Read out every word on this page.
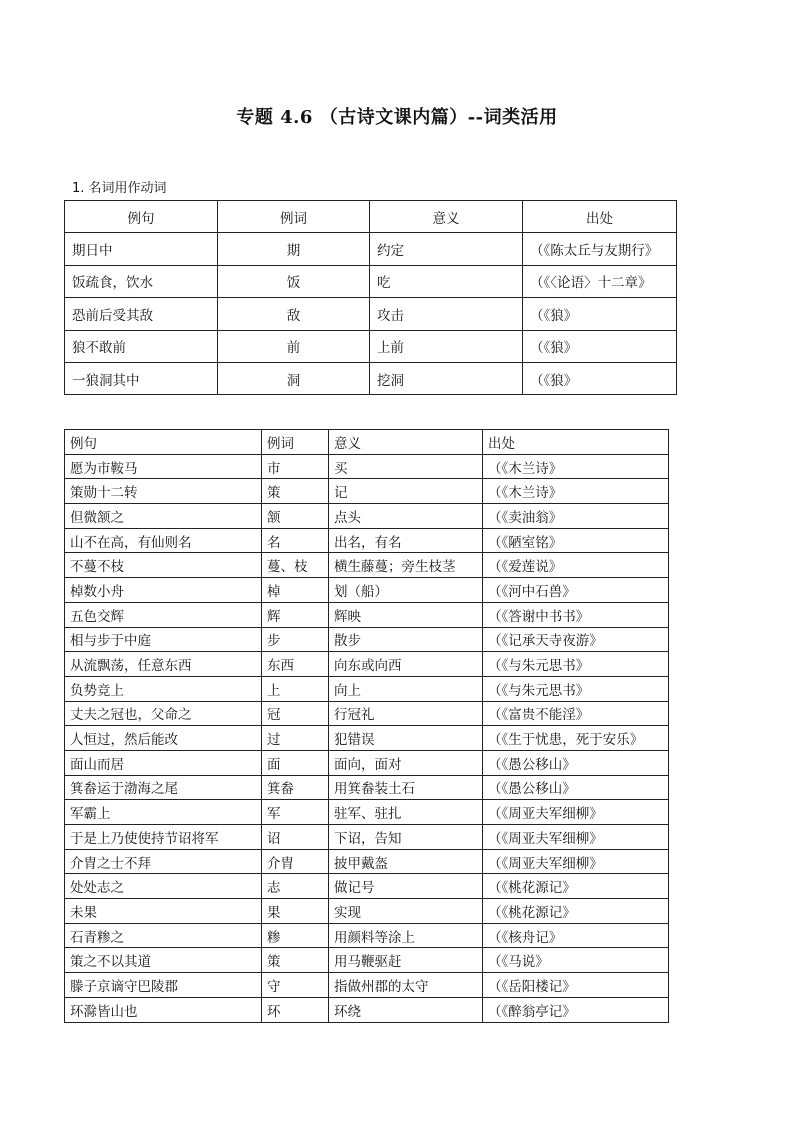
专题 4.6 （古诗文课内篇）--词类活用
1. 名词用作动词
例句	例词	意义	出处
期日中	期	约定	（《陈太丘与友期行》
饭疏食，饮水	饭	吃	（《〈论语〉十二章》
恐前后受其敌	敌	攻击	（《狼》
狼不敢前	前	上前	（《狼》
一狼洞其中	洞	挖洞	（《狼》
例句	例词	意义	出处
愿为市鞍马	市	买	（《木兰诗》
策勋十二转	策	记	（《木兰诗》
但微颔之	颔	点头	（《卖油翁》
山不在高，有仙则名	名	出名，有名	（《陋室铭》
不蔓不枝	蔓、枝	横生藤蔓；旁生枝茎	（《爱莲说》
棹数小舟	棹	划（船）	（《河中石兽》
五色交辉	辉	辉映	（《答谢中书书》
相与步于中庭	步	散步	（《记承天寺夜游》
从流飘荡，任意东西	东西	向东或向西	（《与朱元思书》
负势竞上	上	向上	（《与朱元思书》
丈夫之冠也，父命之	冠	行冠礼	（《富贵不能淫》
人恒过，然后能改	过	犯错误	（《生于忧患，死于安乐》
面山而居	面	面向，面对	（《愚公移山》
箕畚运于渤海之尾	箕畚	用箕畚装土石	（《愚公移山》
军霸上	军	驻军、驻扎	（《周亚夫军细柳》
于是上乃使使持节诏将军	诏	下诏，告知	（《周亚夫军细柳》
介胄之士不拜	介胄	披甲戴盔	（《周亚夫军细柳》
处处志之	志	做记号	（《桃花源记》
未果	果	实现	（《桃花源记》
石青糁之	糁	用颜料等涂上	（《核舟记》
策之不以其道	策	用马鞭驱赶	（《马说》
滕子京谪守巴陵郡	守	指做州郡的太守	（《岳阳楼记》
环滁皆山也	环	环绕	（《醉翁亭记》
